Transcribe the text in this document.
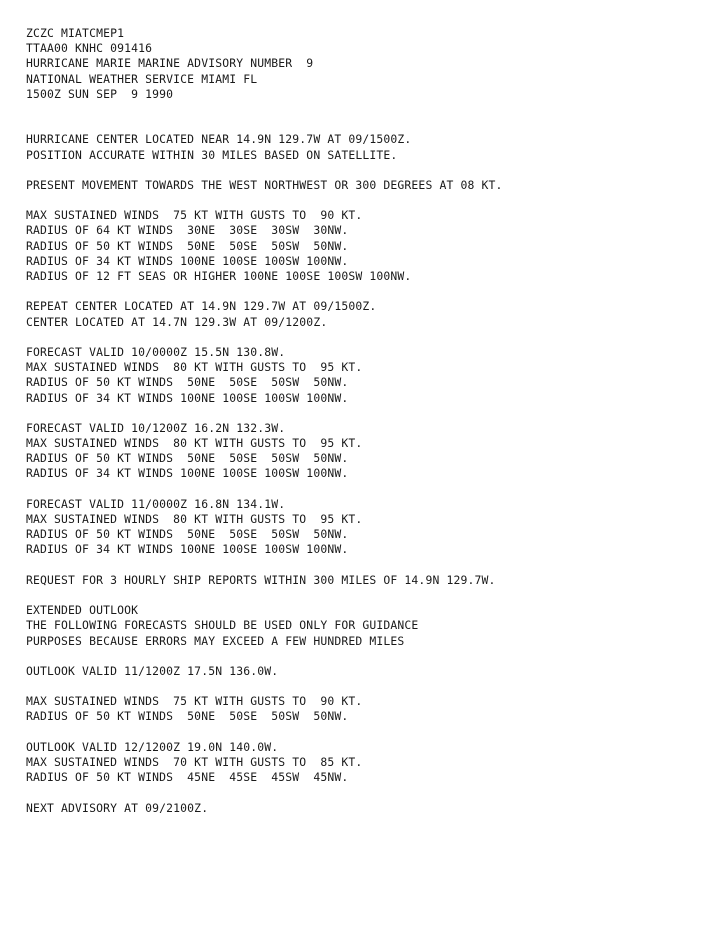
ZCZC MIATCMEP1
TTAA00 KNHC 091416
HURRICANE MARIE MARINE ADVISORY NUMBER  9
NATIONAL WEATHER SERVICE MIAMI FL
1500Z SUN SEP  9 1990
HURRICANE CENTER LOCATED NEAR 14.9N 129.7W AT 09/1500Z.
POSITION ACCURATE WITHIN 30 MILES BASED ON SATELLITE.
PRESENT MOVEMENT TOWARDS THE WEST NORTHWEST OR 300 DEGREES AT 08 KT.
MAX SUSTAINED WINDS  75 KT WITH GUSTS TO  90 KT.
RADIUS OF 64 KT WINDS  30NE  30SE  30SW  30NW.
RADIUS OF 50 KT WINDS  50NE  50SE  50SW  50NW.
RADIUS OF 34 KT WINDS 100NE 100SE 100SW 100NW.
RADIUS OF 12 FT SEAS OR HIGHER 100NE 100SE 100SW 100NW.
REPEAT CENTER LOCATED AT 14.9N 129.7W AT 09/1500Z.
CENTER LOCATED AT 14.7N 129.3W AT 09/1200Z.
FORECAST VALID 10/0000Z 15.5N 130.8W.
MAX SUSTAINED WINDS  80 KT WITH GUSTS TO  95 KT.
RADIUS OF 50 KT WINDS  50NE  50SE  50SW  50NW.
RADIUS OF 34 KT WINDS 100NE 100SE 100SW 100NW.
FORECAST VALID 10/1200Z 16.2N 132.3W.
MAX SUSTAINED WINDS  80 KT WITH GUSTS TO  95 KT.
RADIUS OF 50 KT WINDS  50NE  50SE  50SW  50NW.
RADIUS OF 34 KT WINDS 100NE 100SE 100SW 100NW.
FORECAST VALID 11/0000Z 16.8N 134.1W.
MAX SUSTAINED WINDS  80 KT WITH GUSTS TO  95 KT.
RADIUS OF 50 KT WINDS  50NE  50SE  50SW  50NW.
RADIUS OF 34 KT WINDS 100NE 100SE 100SW 100NW.
REQUEST FOR 3 HOURLY SHIP REPORTS WITHIN 300 MILES OF 14.9N 129.7W.
EXTENDED OUTLOOK
THE FOLLOWING FORECASTS SHOULD BE USED ONLY FOR GUIDANCE
PURPOSES BECAUSE ERRORS MAY EXCEED A FEW HUNDRED MILES
OUTLOOK VALID 11/1200Z 17.5N 136.0W.
MAX SUSTAINED WINDS  75 KT WITH GUSTS TO  90 KT.
RADIUS OF 50 KT WINDS  50NE  50SE  50SW  50NW.
OUTLOOK VALID 12/1200Z 19.0N 140.0W.
MAX SUSTAINED WINDS  70 KT WITH GUSTS TO  85 KT.
RADIUS OF 50 KT WINDS  45NE  45SE  45SW  45NW.
NEXT ADVISORY AT 09/2100Z.
